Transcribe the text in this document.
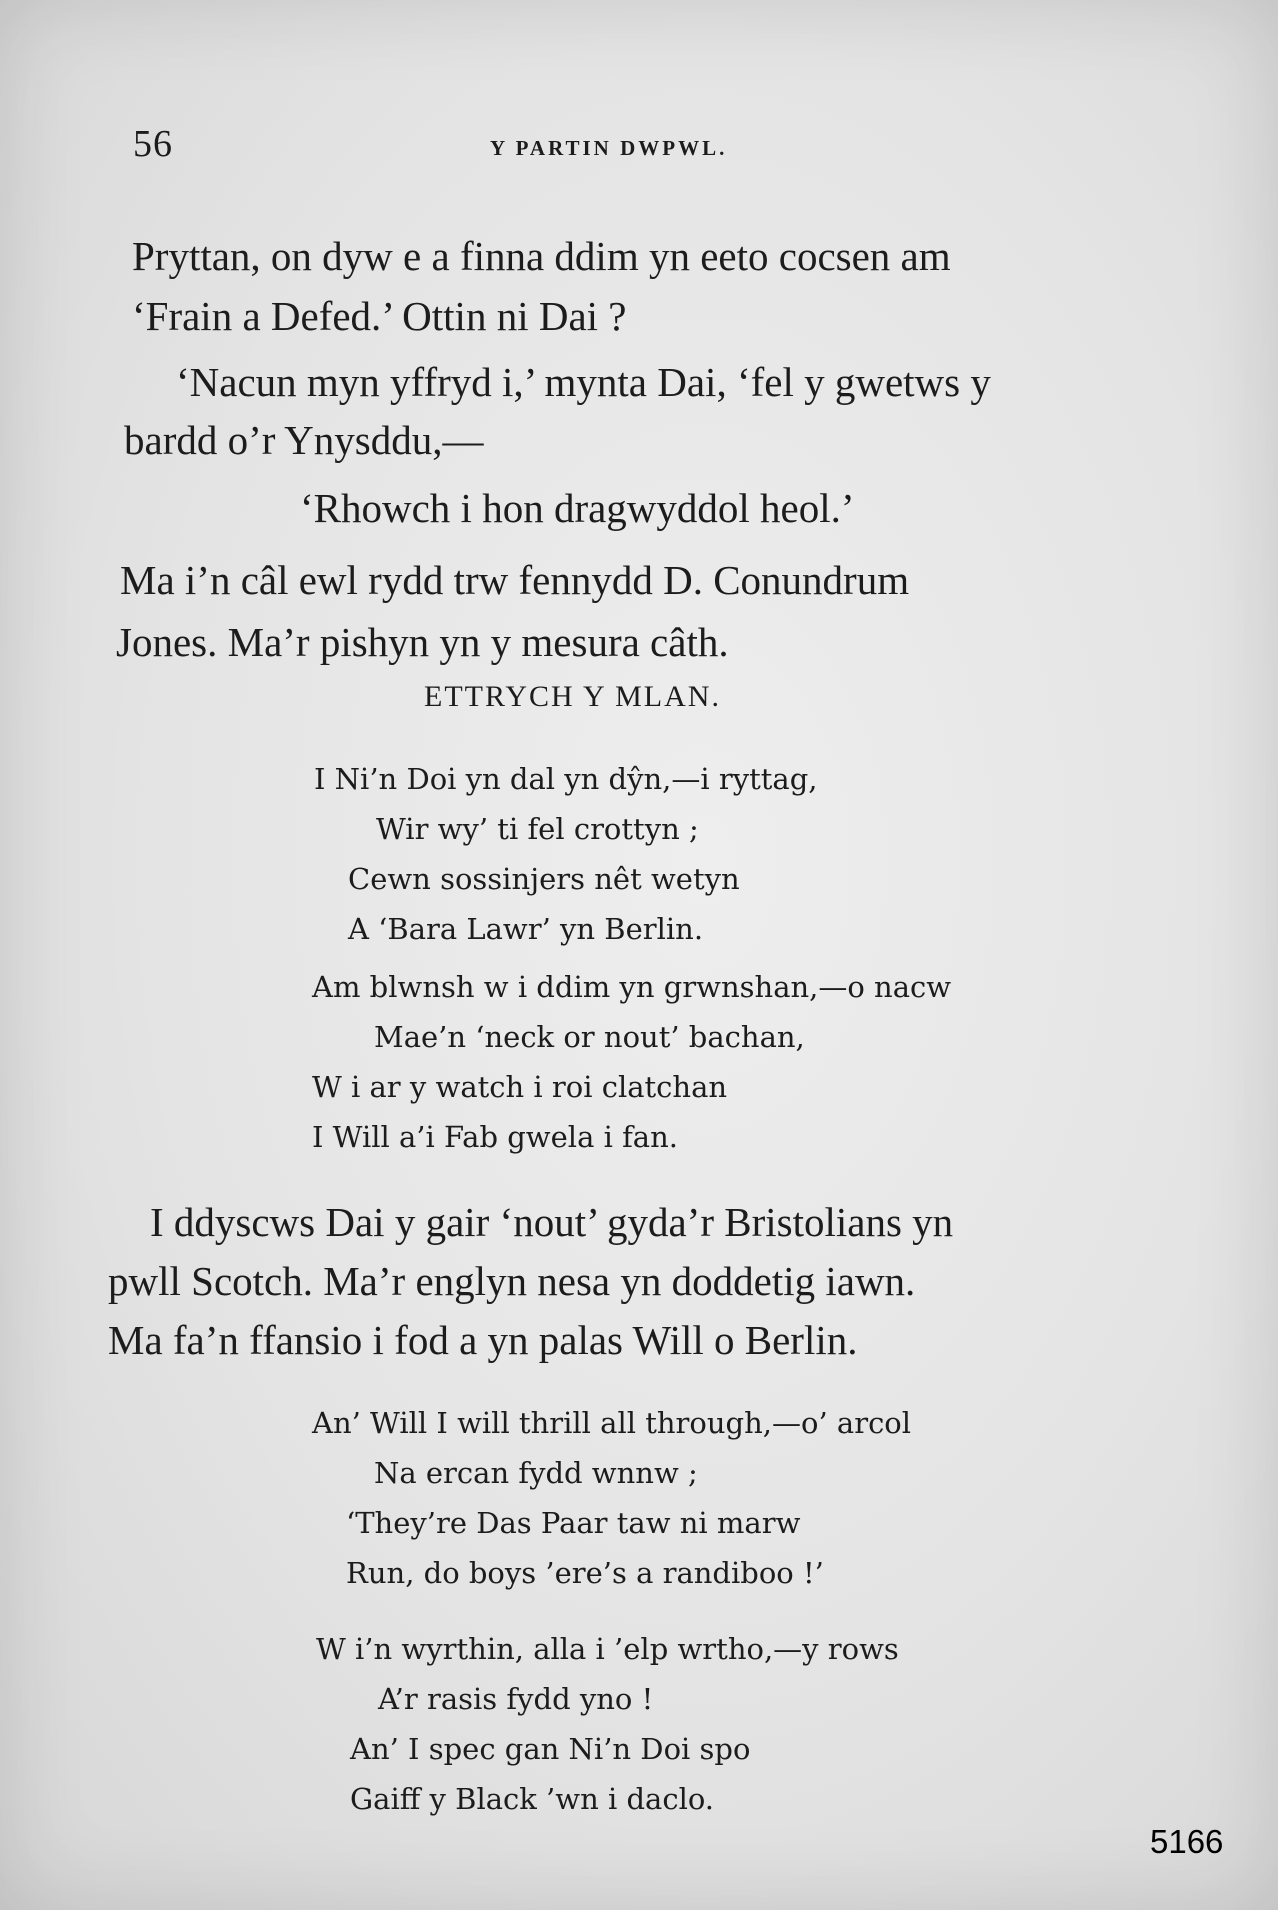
56	Y PARTIN DWPWL.

Pryttan, on dyw e a finna ddim yn eeto cocsen am

‘Frain a Defed.’ Ottin ni Dai ?

‘Nacun myn yffryd i,’ mynta Dai, ‘fel y gwetws y

bardd o’r Ynysddu,—

‘Rhowch i hon dragwyddol heol.’

Ma i’n câl ewl rydd trw fennydd D. Conundrum

Jones. Ma’r pishyn yn y mesura câth.

ETTRYCH Y MLAN.
I Ni’n Doi yn dal yn dŷn,—i ryttag,
Wir wy’ ti fel crottyn ;
Cewn sossinjers nêt wetyn
A ‘Bara Lawr’ yn Berlin.
Am blwnsh w i ddim yn grwnshan,—o nacw
Mae’n ‘neck or nout’ bachan,
W i ar y watch i roi clatchan
I Will a’i Fab gwela i fan.

I ddyscws Dai y gair ‘nout’ gyda’r Bristolians yn

pwll Scotch. Ma’r englyn nesa yn doddetig iawn.

Ma fa’n ffansio i fod a yn palas Will o Berlin.

An’ Will I will thrill all through,—o’ arcol
Na ercan fydd wnnw ;
‘They’re Das Paar taw ni marw
Run, do boys ’ere’s a randiboo !’
W i’n wyrthin, alla i ’elp wrtho,—y rows
A’r rasis fydd yno !
An’ I spec gan Ni’n Doi spo
Gaiff y Black ’wn i daclo.
5166
